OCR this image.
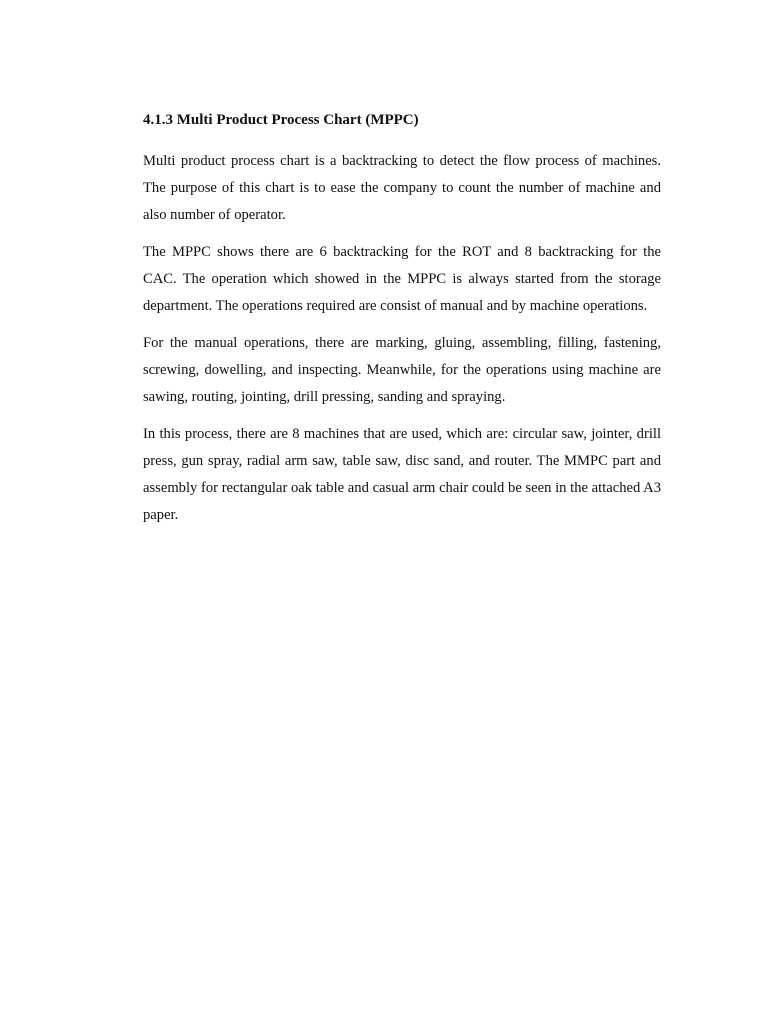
4.1.3 Multi Product Process Chart (MPPC)

Multi product process chart is a backtracking to detect the flow process of machines. The purpose of this chart is to ease the company to count the number of machine and also number of operator.

The MPPC shows there are 6 backtracking for the ROT and 8 backtracking for the CAC. The operation which showed in the MPPC is always started from the storage department. The operations required are consist of manual and by machine operations.

For the manual operations, there are marking, gluing, assembling, filling, fastening, screwing, dowelling, and inspecting. Meanwhile, for the operations using machine are sawing, routing, jointing, drill pressing, sanding and spraying.

In this process, there are 8 machines that are used, which are: circular saw, jointer, drill press, gun spray, radial arm saw, table saw, disc sand, and router. The MMPC part and assembly for rectangular oak table and casual arm chair could be seen in the attached A3 paper.
